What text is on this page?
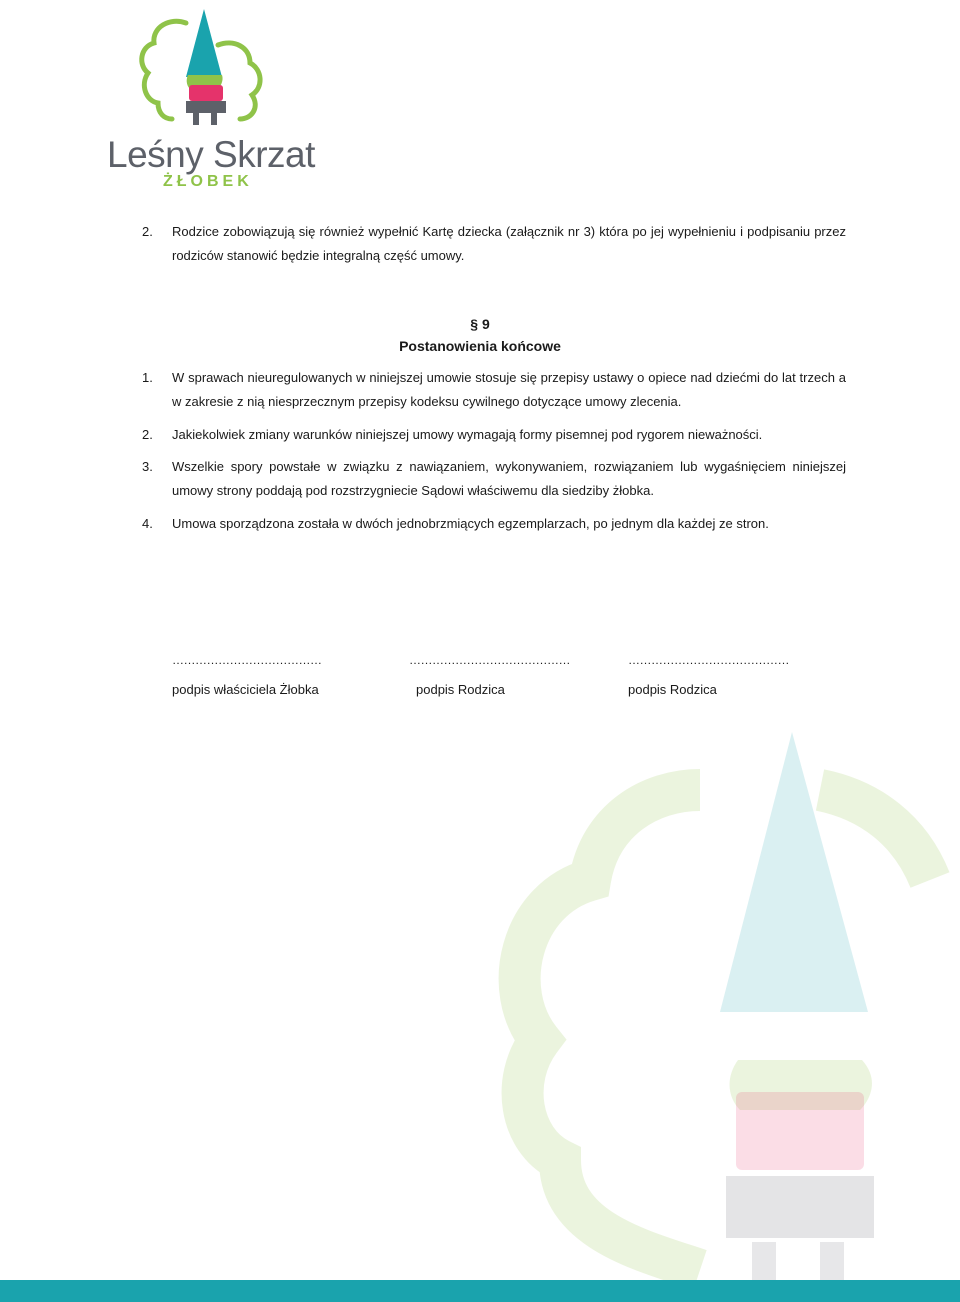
Leśny Skrzat
ŻŁOBEK
2. Rodzice zobowiązują się również wypełnić Kartę dziecka (załącznik nr 3) która po jej wypełnieniu i podpisaniu przez rodziców stanowić będzie integralną część umowy.
§ 9
Postanowienia końcowe
1. W sprawach nieuregulowanych w niniejszej umowie stosuje się przepisy ustawy o opiece nad dziećmi do lat trzech a w zakresie z nią niesprzecznym przepisy kodeksu cywilnego dotyczące umowy zlecenia.
2. Jakiekolwiek zmiany warunków niniejszej umowy wymagają formy pisemnej pod rygorem nieważności.
3. Wszelkie spory powstałe w związku z nawiązaniem, wykonywaniem, rozwiązaniem lub wygaśnięciem niniejszej umowy strony poddają pod rozstrzygniecie Sądowi właściwemu dla siedziby żłobka.
4. Umowa sporządzona została w dwóch jednobrzmiących egzemplarzach, po jednym dla każdej ze stron.
…………………………………	……………………………………	……………………………………
podpis właściciela Żłobka	podpis Rodzica	podpis Rodzica
